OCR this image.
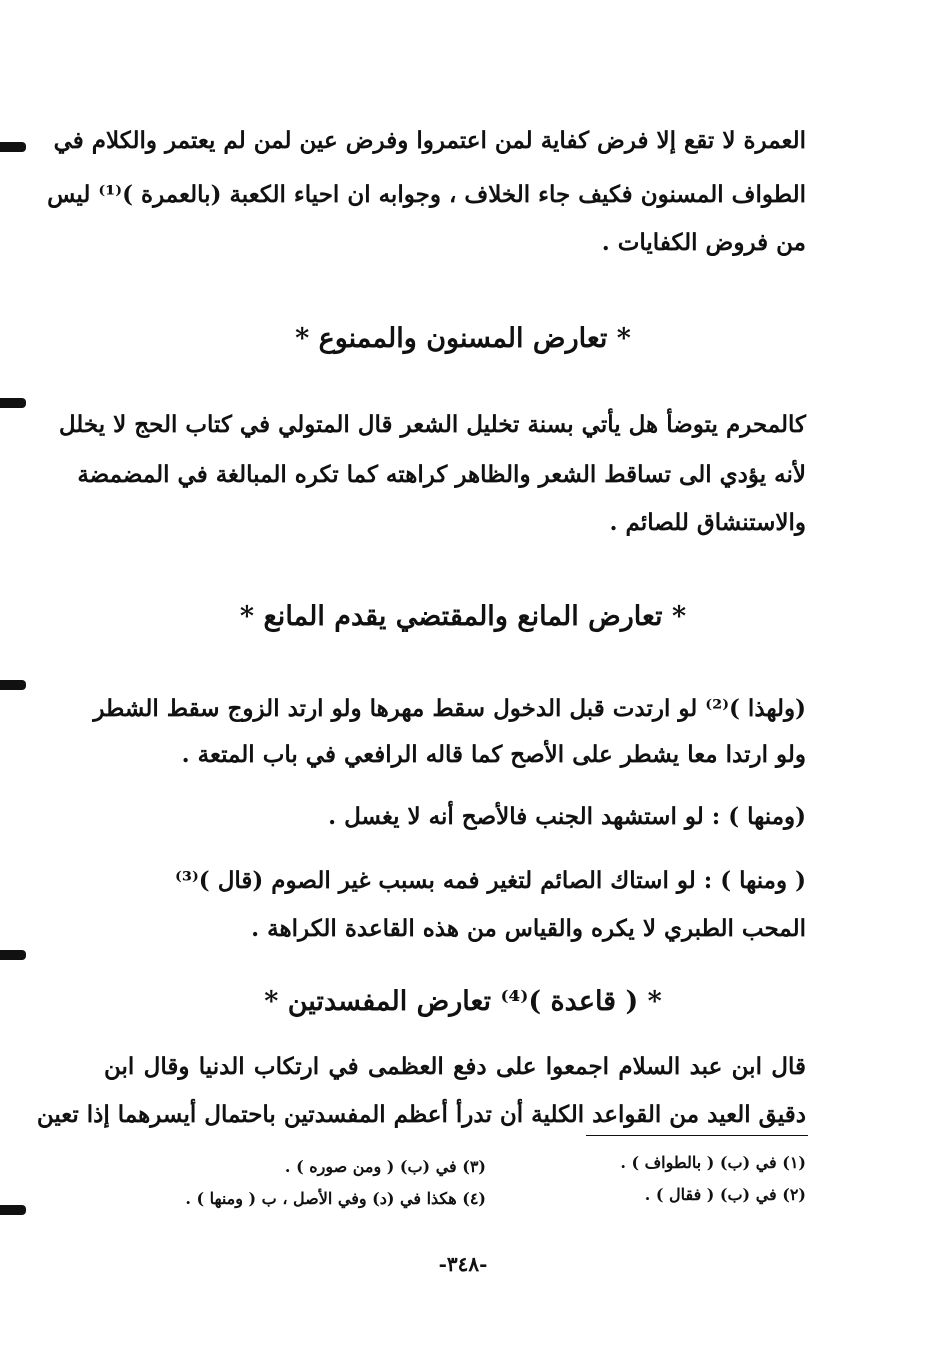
العمرة لا تقع إلا فرض كفاية لمن اعتمروا وفرض عين لمن لم يعتمر والكلام في
الطواف المسنون فكيف جاء الخلاف ، وجوابه ان احياء الكعبة (بالعمرة )⁽¹⁾ ليس
من فروض الكفايات .
* تعارض المسنون والممنوع *
كالمحرم يتوضأ هل يأتي بسنة تخليل الشعر قال المتولي في كتاب الحج لا يخلل
لأنه يؤدي الى تساقط الشعر والظاهر كراهته كما تكره المبالغة في المضمضة
والاستنشاق للصائم .
* تعارض المانع والمقتضي يقدم المانع *
(ولهذا )⁽²⁾ لو ارتدت قبل الدخول سقط مهرها ولو ارتد الزوج سقط الشطر
ولو ارتدا معا يشطر على الأصح كما قاله الرافعي في باب المتعة .
(ومنها ) : لو استشهد الجنب فالأصح أنه لا يغسل .
( ومنها ) : لو استاك الصائم لتغير فمه بسبب غير الصوم (قال )⁽³⁾
المحب الطبري لا يكره والقياس من هذه القاعدة الكراهة .
* ( قاعدة )⁽⁴⁾ تعارض المفسدتين *
قال ابن عبد السلام اجمعوا على دفع العظمى في ارتكاب الدنيا وقال ابن
دقيق العيد من القواعد الكلية أن تدرأ أعظم المفسدتين باحتمال أيسرهما إذا تعين
(١) في (ب) ( بالطواف ) .
(٢) في (ب) ( فقال ) .
(٣) في (ب) ( ومن صوره ) .
(٤) هكذا في (د) وفي الأصل ، ب ( ومنها ) .
-٣٤٨-
